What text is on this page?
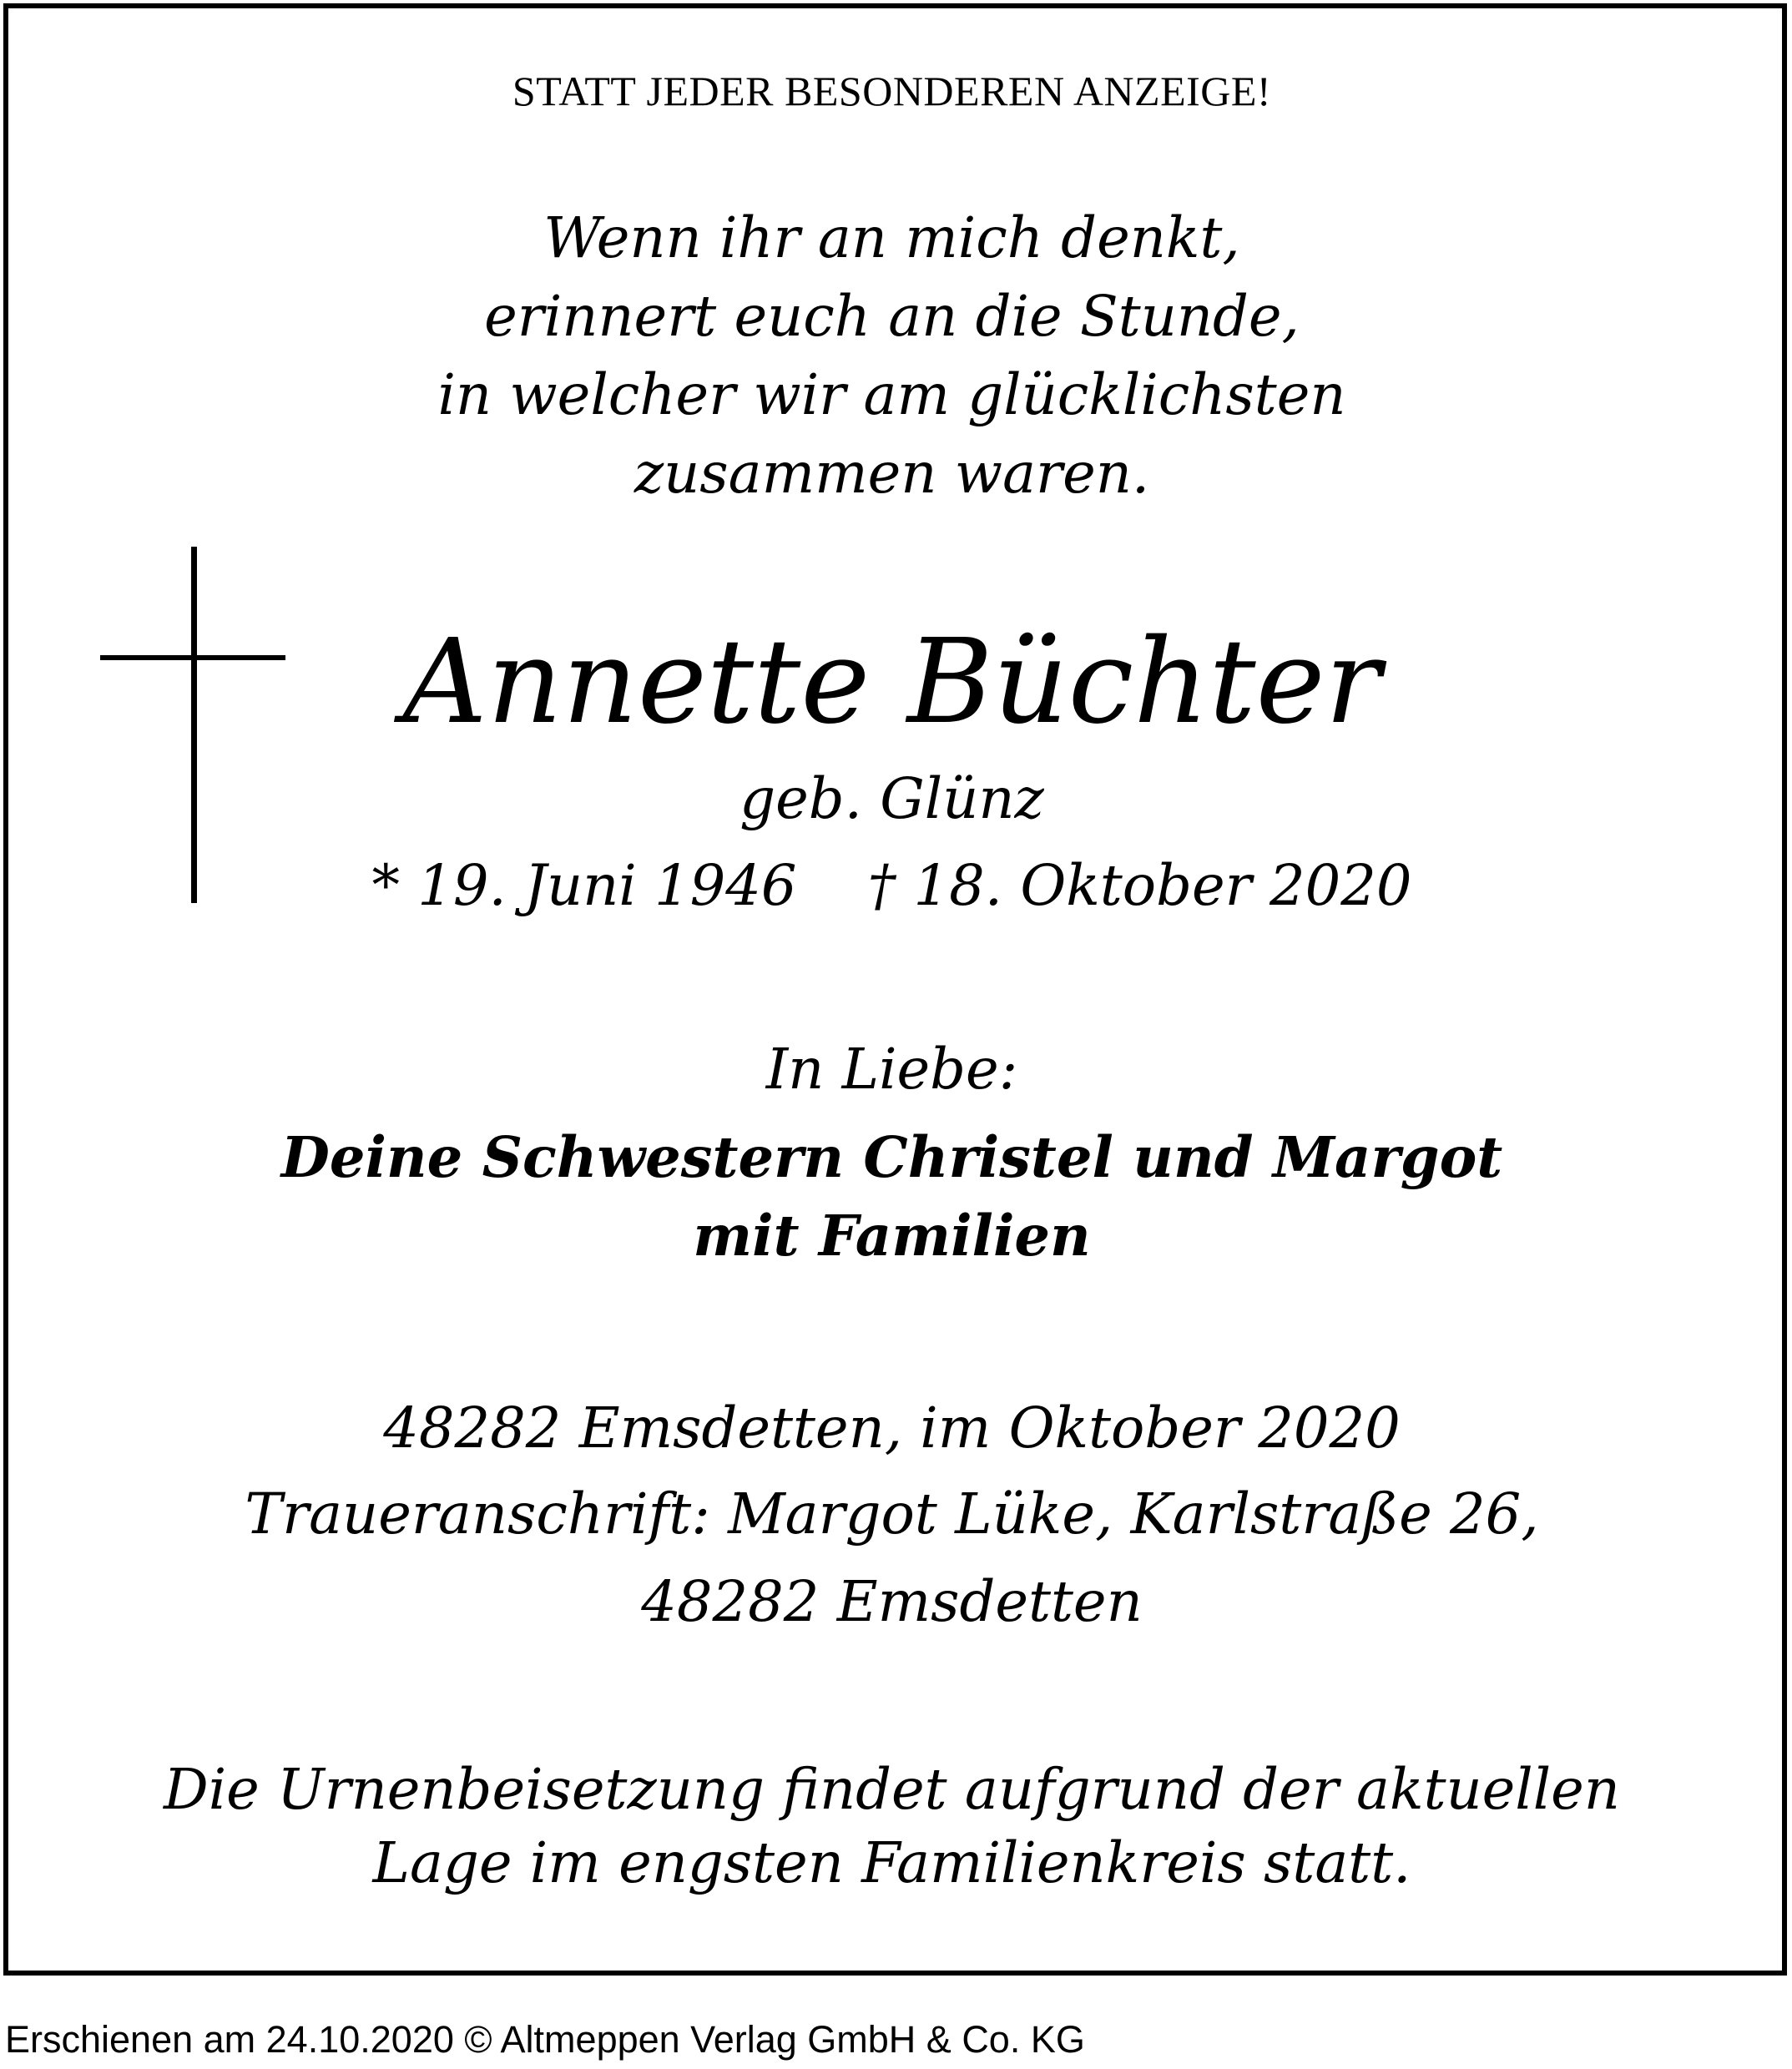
STATT JEDER BESONDEREN ANZEIGE!
Wenn ihr an mich denkt,
erinnert euch an die Stunde,
in welcher wir am glücklichsten
zusammen waren.
Annette Büchter
geb. Glünz
* 19. Juni 1946    † 18. Oktober 2020
In Liebe:
Deine Schwestern Christel und Margot
mit Familien
48282 Emsdetten, im Oktober 2020
Traueranschrift: Margot Lüke, Karlstraße 26,
48282 Emsdetten
Die Urnenbeisetzung findet aufgrund der aktuellen
Lage im engsten Familienkreis statt.
Erschienen am 24.10.2020 © Altmeppen Verlag GmbH & Co. KG
